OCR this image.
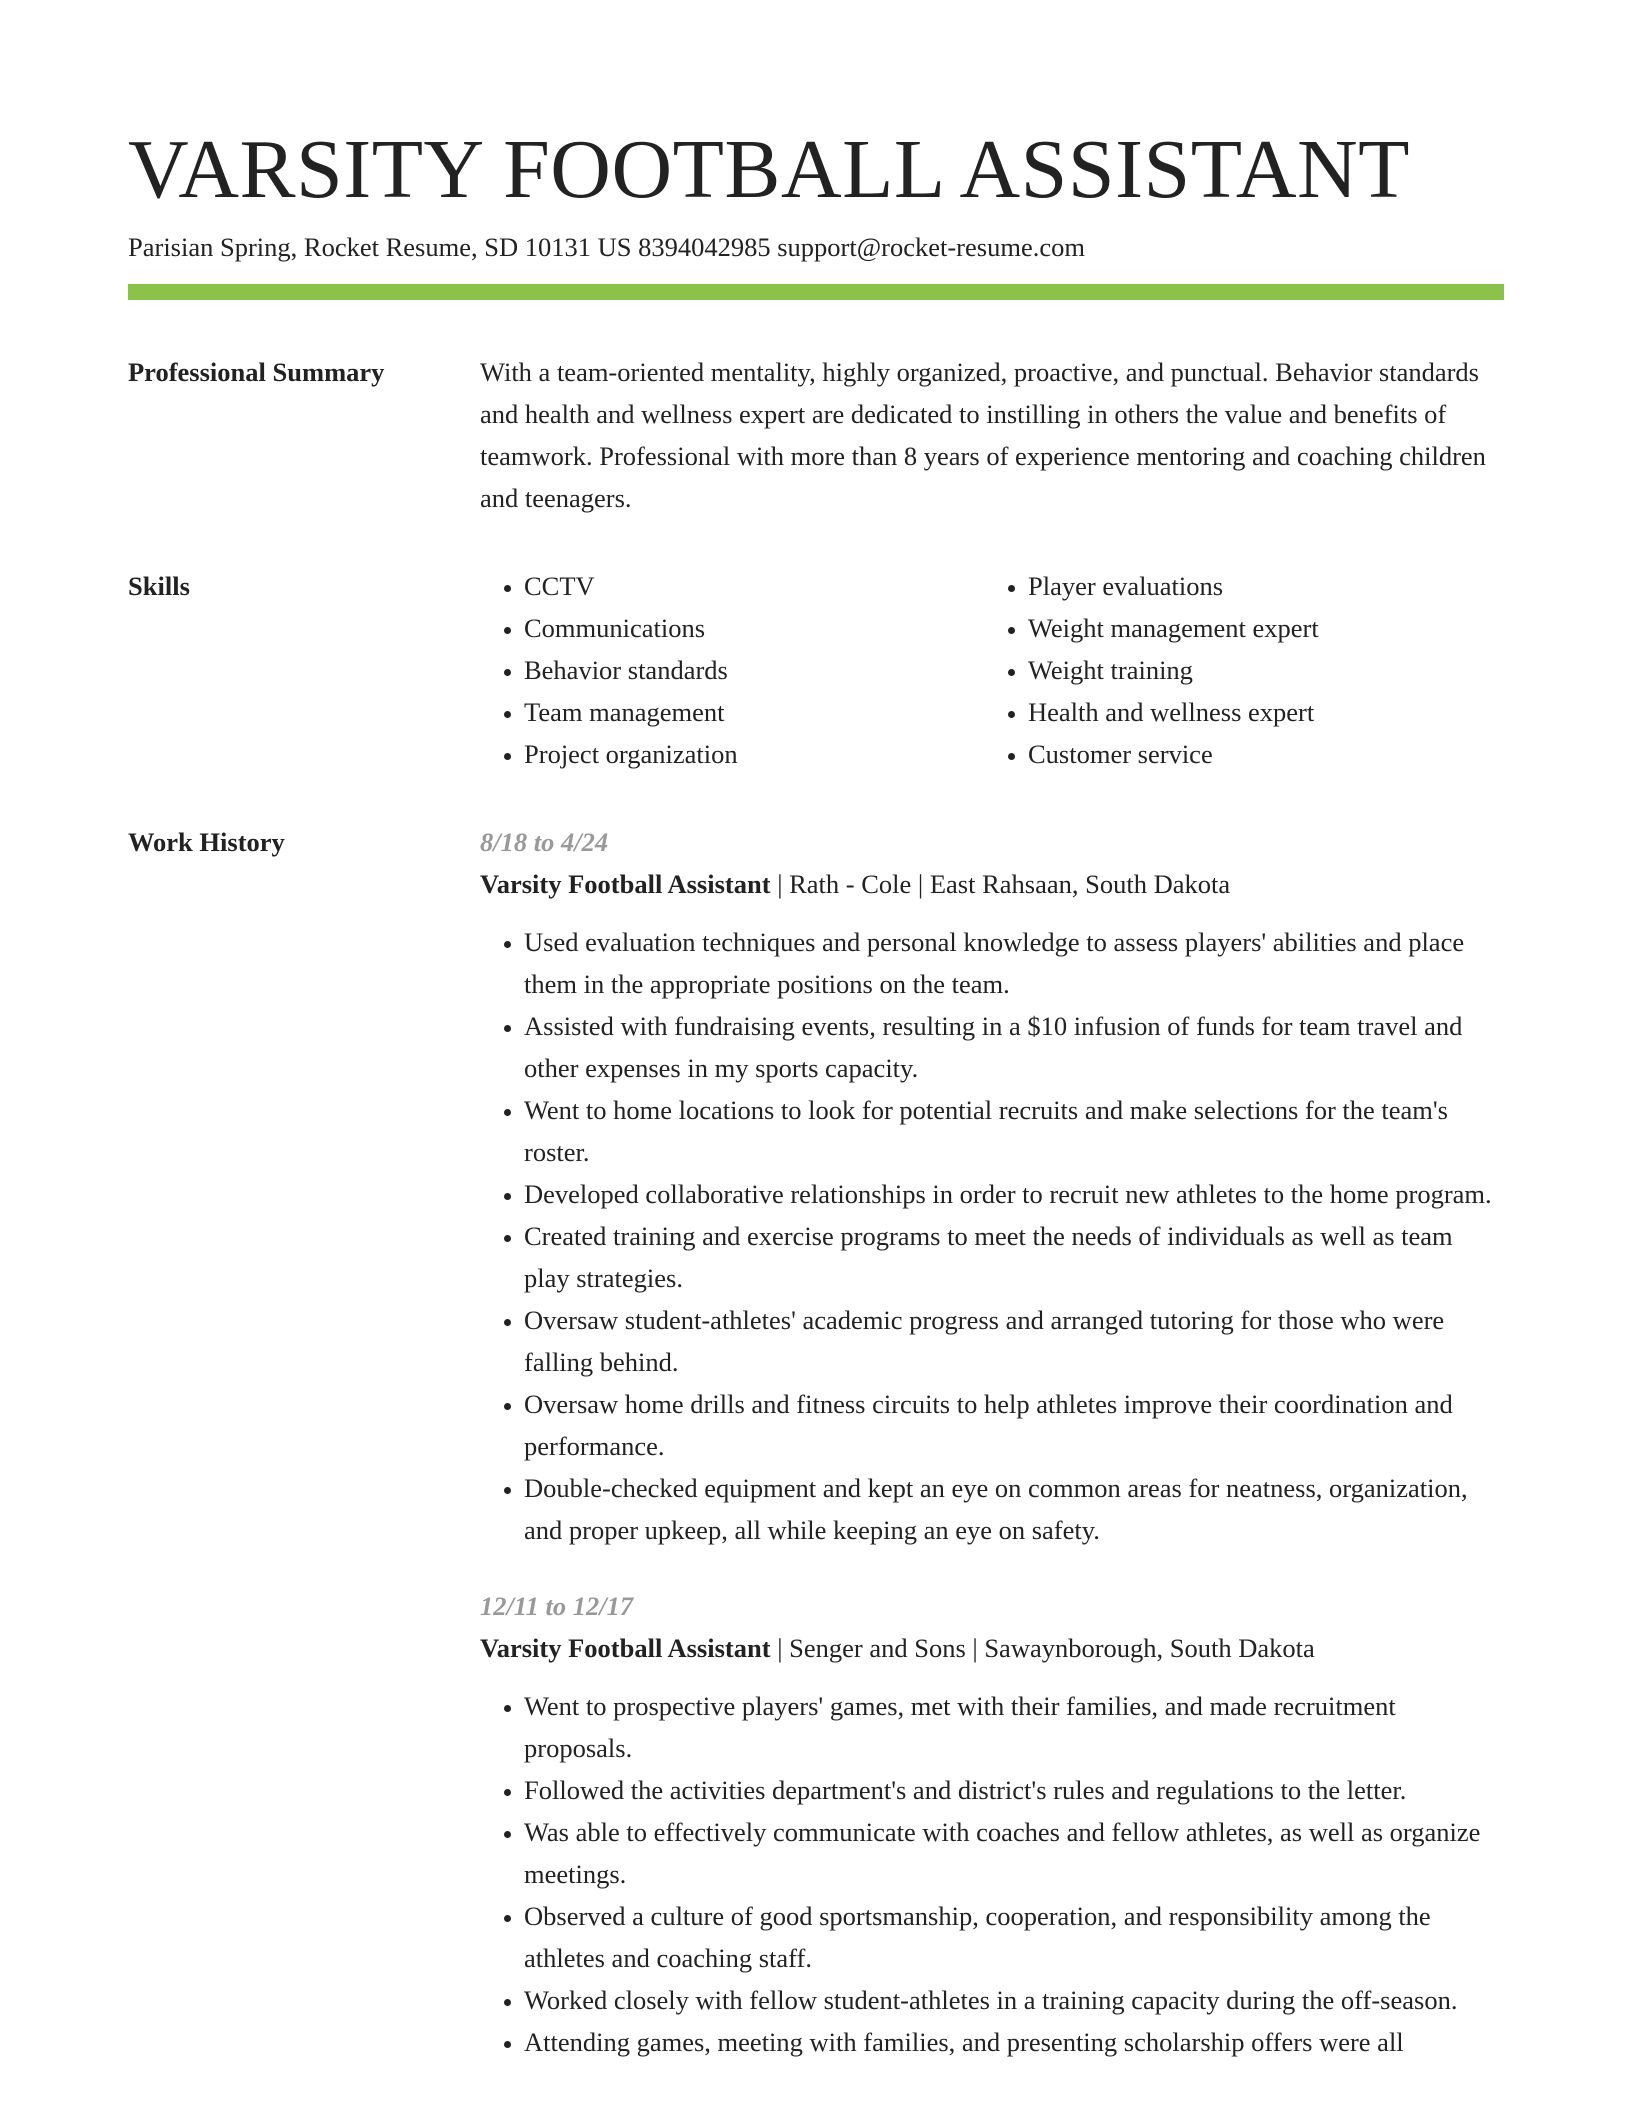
VARSITY FOOTBALL ASSISTANT
Parisian Spring, Rocket Resume, SD 10131 US 8394042985 support@rocket-resume.com
Professional Summary	With a team-oriented mentality, highly organized, proactive, and punctual. Behavior standards and health and wellness expert are dedicated to instilling in others the value and benefits of teamwork. Professional with more than 8 years of experience mentoring and coaching children and teenagers.

Skills
•	CCTV
• Communications
• Behavior standards
• Team management
• Project organization
• Player evaluations
• Weight management expert
• Weight training
• Health and wellness expert
• Customer service
Work History	8/18 to 4/24
Varsity Football Assistant | Rath - Cole | East Rahsaan, South Dakota
• Used evaluation techniques and personal knowledge to assess players' abilities and place them in the appropriate positions on the team.
• Assisted with fundraising events, resulting in a $10 infusion of funds for team travel and other expenses in my sports capacity.
• Went to home locations to look for potential recruits and make selections for the team's roster.
• Developed collaborative relationships in order to recruit new athletes to the home program.
• Created training and exercise programs to meet the needs of individuals as well as team play strategies.
• Oversaw student-athletes' academic progress and arranged tutoring for those who were falling behind.
• Oversaw home drills and fitness circuits to help athletes improve their coordination and performance.
• Double-checked equipment and kept an eye on common areas for neatness, organization, and proper upkeep, all while keeping an eye on safety.
12/11 to 12/17
Varsity Football Assistant | Senger and Sons | Sawaynborough, South Dakota
• Went to prospective players' games, met with their families, and made recruitment proposals.
• Followed the activities department's and district's rules and regulations to the letter.
• Was able to effectively communicate with coaches and fellow athletes, as well as organize meetings.
• Observed a culture of good sportsmanship, cooperation, and responsibility among the athletes and coaching staff.
• Worked closely with fellow student-athletes in a training capacity during the off-season.
• Attending games, meeting with families, and presenting scholarship offers were all
